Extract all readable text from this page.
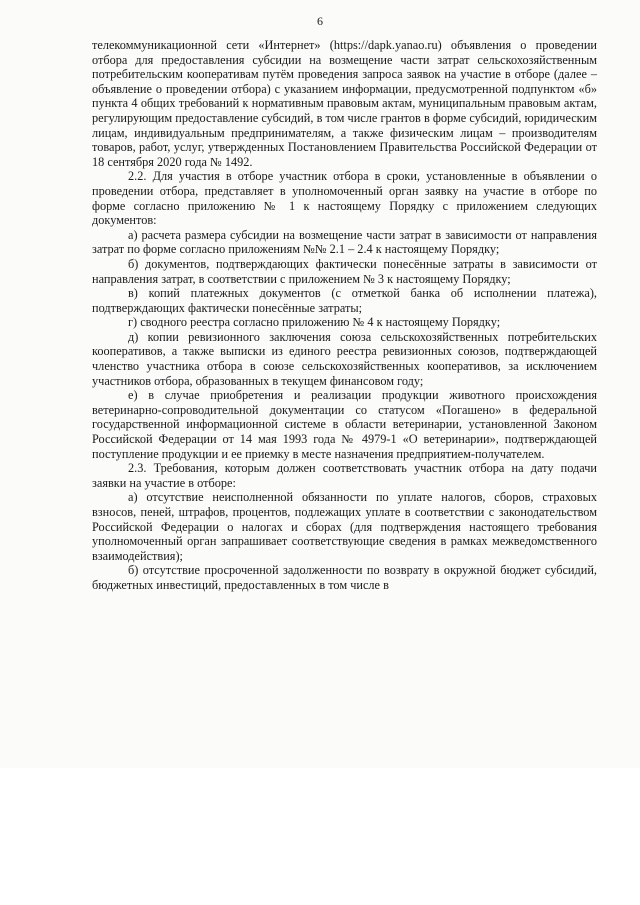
6

телекоммуникационной сети «Интернет» (https://dapk.yanao.ru) объявления о проведении отбора для предоставления субсидии на возмещение части затрат сельскохозяйственным потребительским кооперативам путём проведения запроса заявок на участие в отборе (далее – объявление о проведении отбора) с указанием информации, предусмотренной подпунктом «б» пункта 4 общих требований к нормативным правовым актам, муниципальным правовым актам, регулирующим предоставление субсидий, в том числе грантов в форме субсидий, юридическим лицам, индивидуальным предпринимателям, а также физическим лицам – производителям товаров, работ, услуг, утвержденных Постановлением Правительства Российской Федерации от 18 сентября 2020 года № 1492.

2.2. Для участия в отборе участник отбора в сроки, установленные в объявлении о проведении отбора, представляет в уполномоченный орган заявку на участие в отборе по форме согласно приложению № 1 к настоящему Порядку с приложением следующих документов:

а) расчета размера субсидии на возмещение части затрат в зависимости от направления затрат по форме согласно приложениям №№ 2.1 – 2.4 к настоящему Порядку;

б) документов, подтверждающих фактически понесённые затраты в зависимости от направления затрат, в соответствии с приложением № 3 к настоящему Порядку;

в) копий платежных документов (с отметкой банка об исполнении платежа), подтверждающих фактически понесённые затраты;

г) сводного реестра согласно приложению № 4 к настоящему Порядку;

д) копии ревизионного заключения союза сельскохозяйственных потребительских кооперативов, а также выписки из единого реестра ревизионных союзов, подтверждающей членство участника отбора в союзе сельскохозяйственных кооперативов, за исключением участников отбора, образованных в текущем финансовом году;

е) в случае приобретения и реализации продукции животного происхождения ветеринарно-сопроводительной документации со статусом «Погашено» в федеральной государственной информационной системе в области ветеринарии, установленной Законом Российской Федерации от 14 мая 1993 года № 4979-1 «О ветеринарии», подтверждающей поступление продукции и ее приемку в месте назначения предприятием-получателем.

2.3. Требования, которым должен соответствовать участник отбора на дату подачи заявки на участие в отборе:

а) отсутствие неисполненной обязанности по уплате налогов, сборов, страховых взносов, пеней, штрафов, процентов, подлежащих уплате в соответствии с законодательством Российской Федерации о налогах и сборах (для подтверждения настоящего требования уполномоченный орган запрашивает соответствующие сведения в рамках межведомственного взаимодействия);

б) отсутствие просроченной задолженности по возврату в окружной бюджет субсидий, бюджетных инвестиций, предоставленных в том числе в
